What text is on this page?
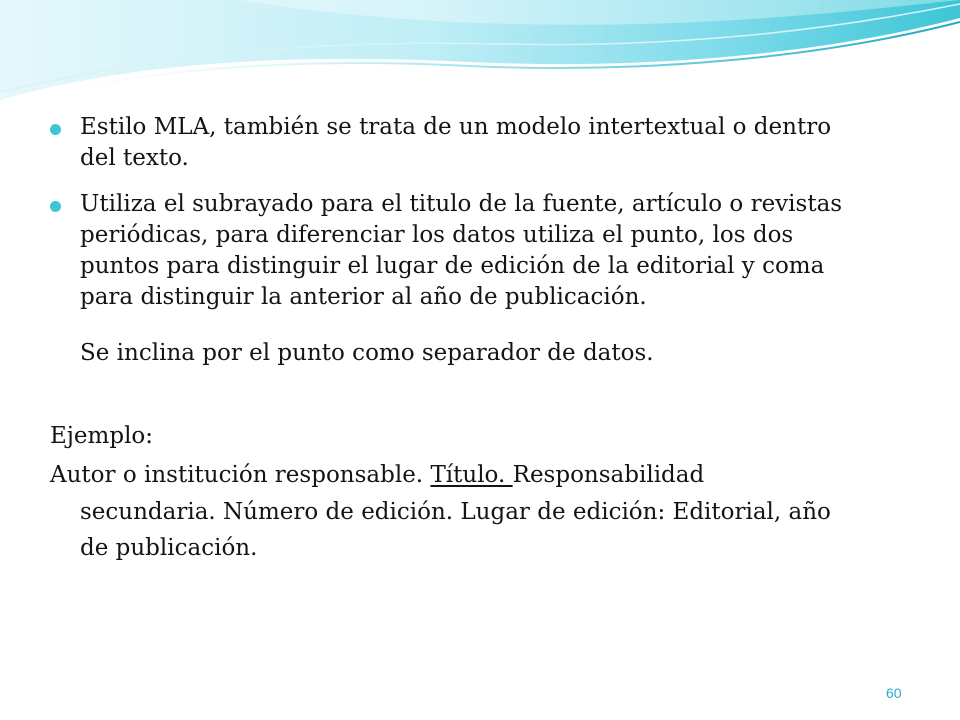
Estilo MLA, también se trata de un modelo intertextual o dentro
del texto.
Utiliza el subrayado para el titulo de la fuente, artículo o revistas
periódicas, para diferenciar los datos utiliza el punto, los dos
puntos para distinguir el lugar de edición de la editorial y coma
para distinguir la anterior al año de publicación.
Se inclina por el punto como separador de datos.
Ejemplo:
Autor o institución responsable. Título. Responsabilidad
secundaria. Número de edición. Lugar de edición: Editorial, año
de publicación.
60
